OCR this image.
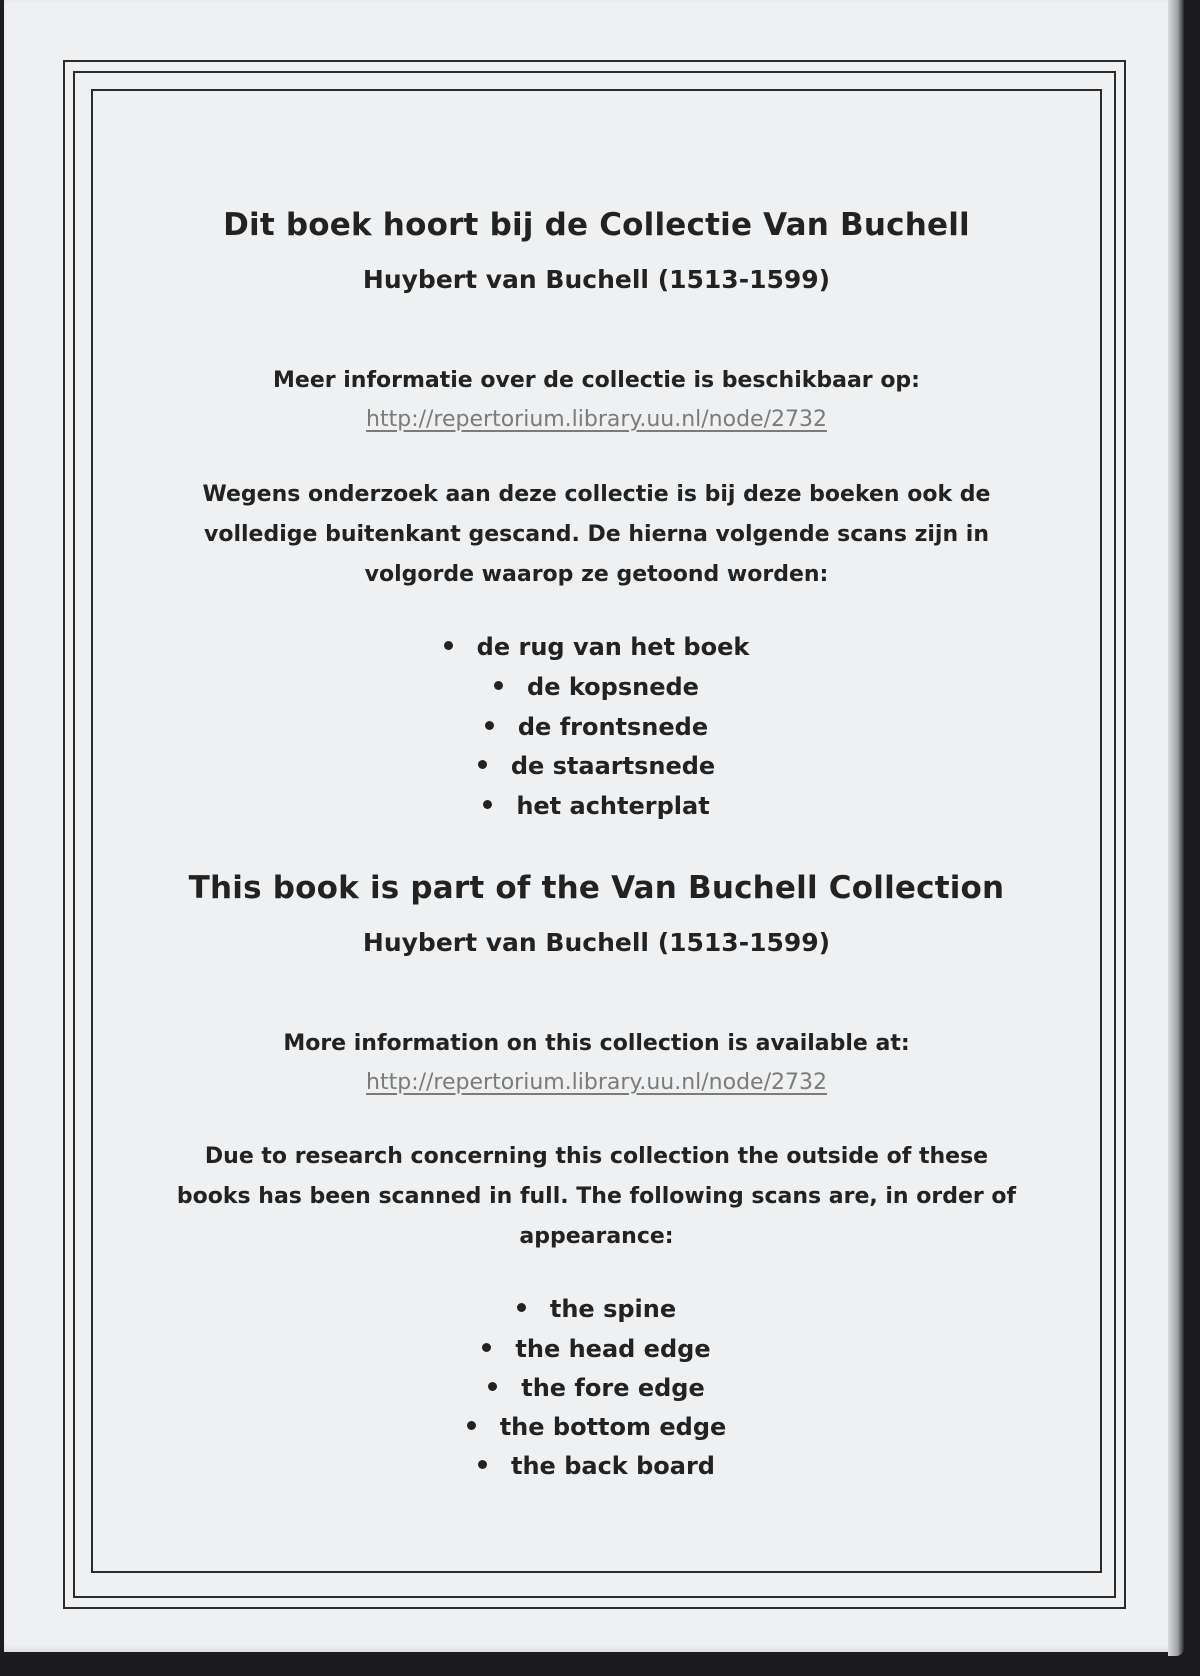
Dit boek hoort bij de Collectie Van Buchell
Huybert van Buchell (1513-1599)
Meer informatie over de collectie is beschikbaar op:
http://repertorium.library.uu.nl/node/2732
Wegens onderzoek aan deze collectie is bij deze boeken ook de
volledige buitenkant gescand. De hierna volgende scans zijn in
volgorde waarop ze getoond worden:
de rug van het boek
de kopsnede
de frontsnede
de staartsnede
het achterplat
This book is part of the Van Buchell Collection
Huybert van Buchell (1513-1599)
More information on this collection is available at:
http://repertorium.library.uu.nl/node/2732
Due to research concerning this collection the outside of these
books has been scanned in full. The following scans are, in order of
appearance:
the spine
the head edge
the fore edge
the bottom edge
the back board
